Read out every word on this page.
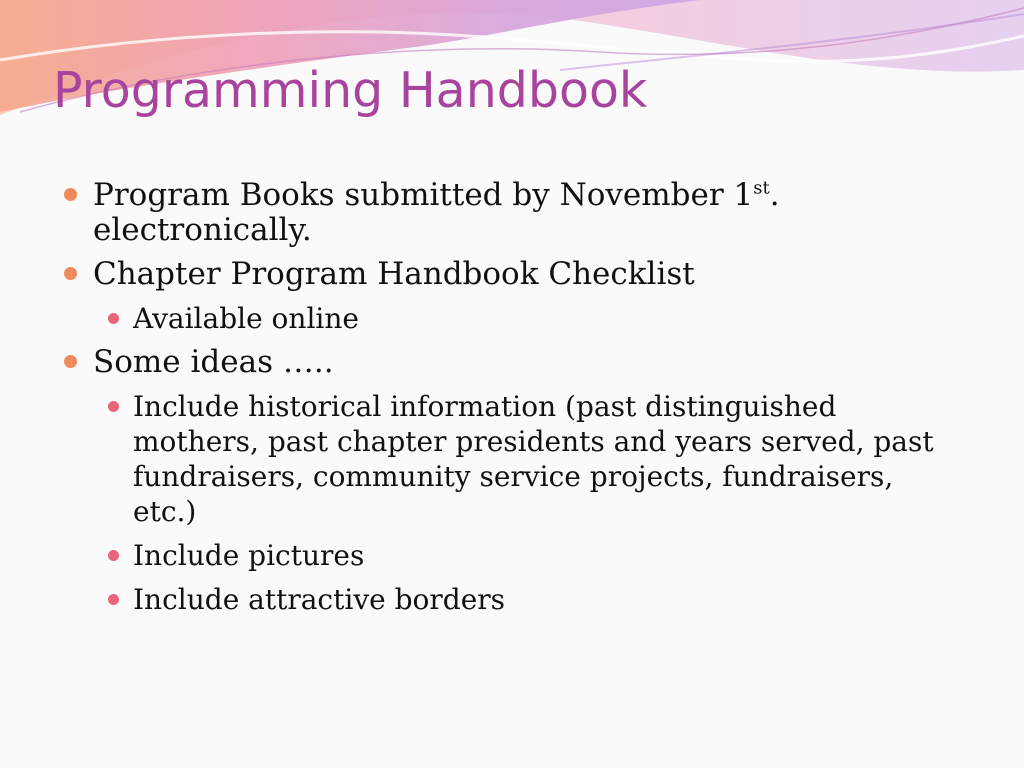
Programming Handbook
Program Books submitted by November 1st.
electronically.
Chapter Program Handbook Checklist
Available online
Some ideas …..
Include historical information (past distinguished mothers, past chapter presidents and years served, past fundraisers, community service projects, fundraisers, etc.)
Include pictures
Include attractive borders
